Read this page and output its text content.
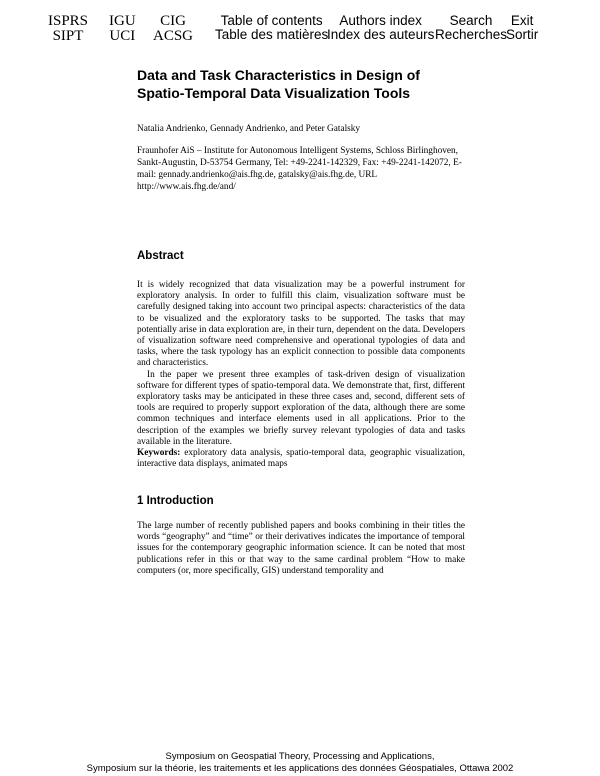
ISPRS
SIPT
IGU
UCI
CIG
ACSG
Table of contents
Table des matières
Authors index
Index des auteurs
Search
Recherches
Exit
Sortir
Data and Task Characteristics in Design of
Spatio-Temporal Data Visualization Tools
Natalia Andrienko, Gennady Andrienko, and Peter Gatalsky
Fraunhofer AiS – Institute for Autonomous Intelligent Systems, Schloss Birlinghoven, Sankt-Augustin, D-53754 Germany, Tel: +49-2241-142329, Fax: +49-2241-142072, E-mail: gennady.andrienko@ais.fhg.de, gatalsky@ais.fhg.de, URL http://www.ais.fhg.de/and/
Abstract

It is widely recognized that data visualization may be a powerful instrument for exploratory analysis. In order to fulfill this claim, visualization software must be carefully designed taking into account two principal aspects: characteristics of the data to be visualized and the exploratory tasks to be supported. The tasks that may potentially arise in data exploration are, in their turn, dependent on the data. Developers of visualization software need comprehensive and operational typologies of data and tasks, where the task typology has an explicit connection to possible data components and characteristics.

In the paper we present three examples of task-driven design of visualization software for different types of spatio-temporal data. We demonstrate that, first, different exploratory tasks may be anticipated in these three cases and, second, different sets of tools are required to properly support exploration of the data, although there are some common techniques and interface elements used in all applications. Prior to the description of the examples we briefly survey relevant typologies of data and tasks available in the literature.

Keywords: exploratory data analysis, spatio-temporal data, geographic visualization, interactive data displays, animated maps

1 Introduction

The large number of recently published papers and books combining in their titles the words “geography” and “time” or their derivatives indicates the importance of temporal issues for the contemporary geographic information science. It can be noted that most publications refer in this or that way to the same cardinal problem “How to make computers (or, more specifically, GIS) understand temporality and

Symposium on Geospatial Theory, Processing and Applications,
Symposium sur la théorie, les traitements et les applications des données Géospatiales, Ottawa 2002
